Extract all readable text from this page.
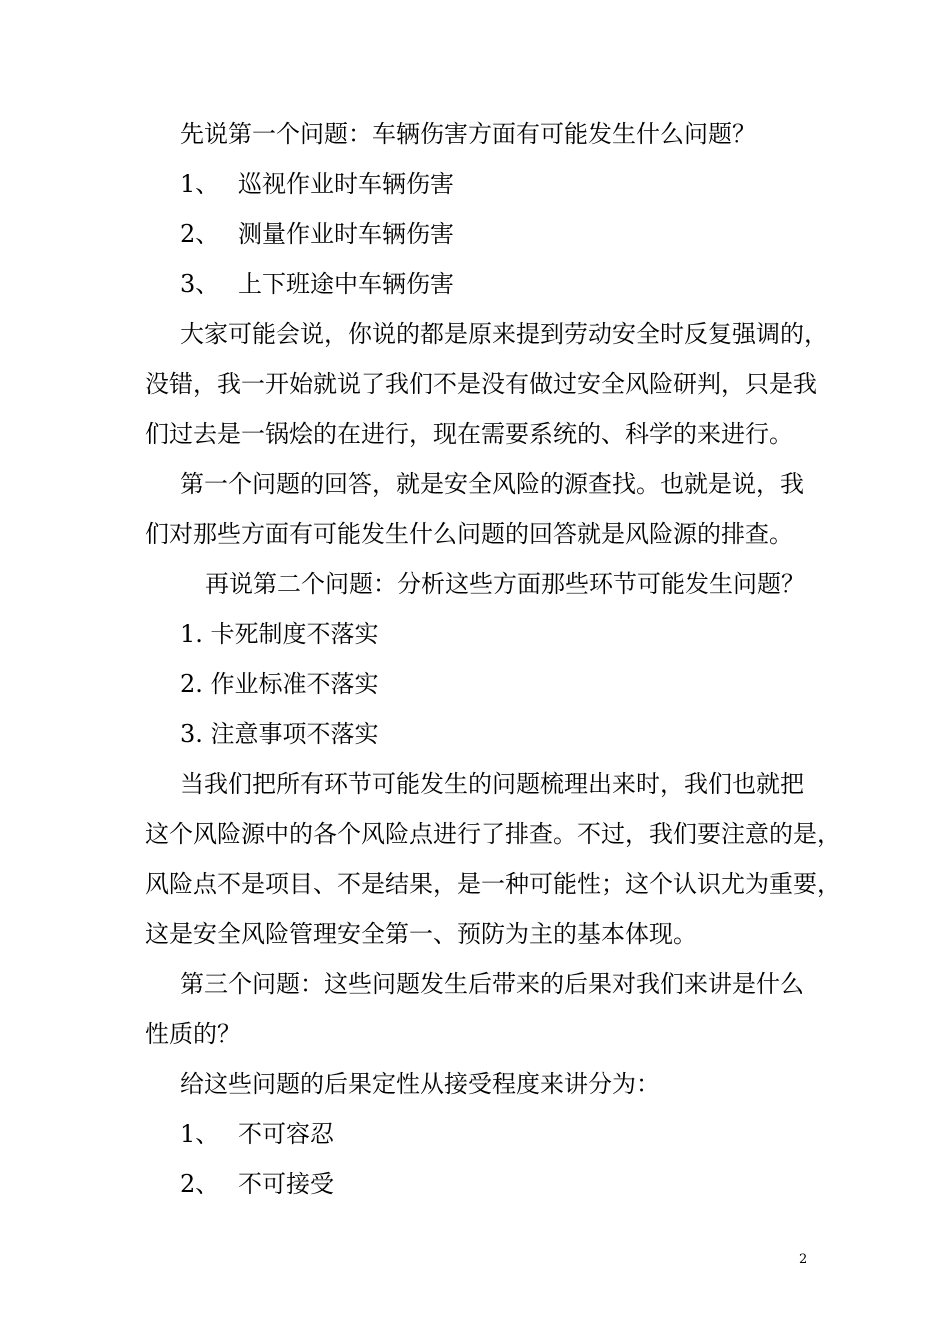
先说第一个问题：车辆伤害方面有可能发生什么问题？
1、 巡视作业时车辆伤害
2、 测量作业时车辆伤害
3、 上下班途中车辆伤害
大家可能会说，你说的都是原来提到劳动安全时反复强调的，
没错，我一开始就说了我们不是没有做过安全风险研判，只是我
们过去是一锅烩的在进行，现在需要系统的、科学的来进行。
第一个问题的回答，就是安全风险的源查找。也就是说，我
们对那些方面有可能发生什么问题的回答就是风险源的排查。
再说第二个问题：分析这些方面那些环节可能发生问题？
1. 卡死制度不落实
2. 作业标准不落实
3. 注意事项不落实
当我们把所有环节可能发生的问题梳理出来时，我们也就把
这个风险源中的各个风险点进行了排查。不过，我们要注意的是，
风险点不是项目、不是结果，是一种可能性；这个认识尤为重要，
这是安全风险管理安全第一、预防为主的基本体现。
第三个问题：这些问题发生后带来的后果对我们来讲是什么
性质的？
给这些问题的后果定性从接受程度来讲分为：
1、 不可容忍
2、 不可接受
2
